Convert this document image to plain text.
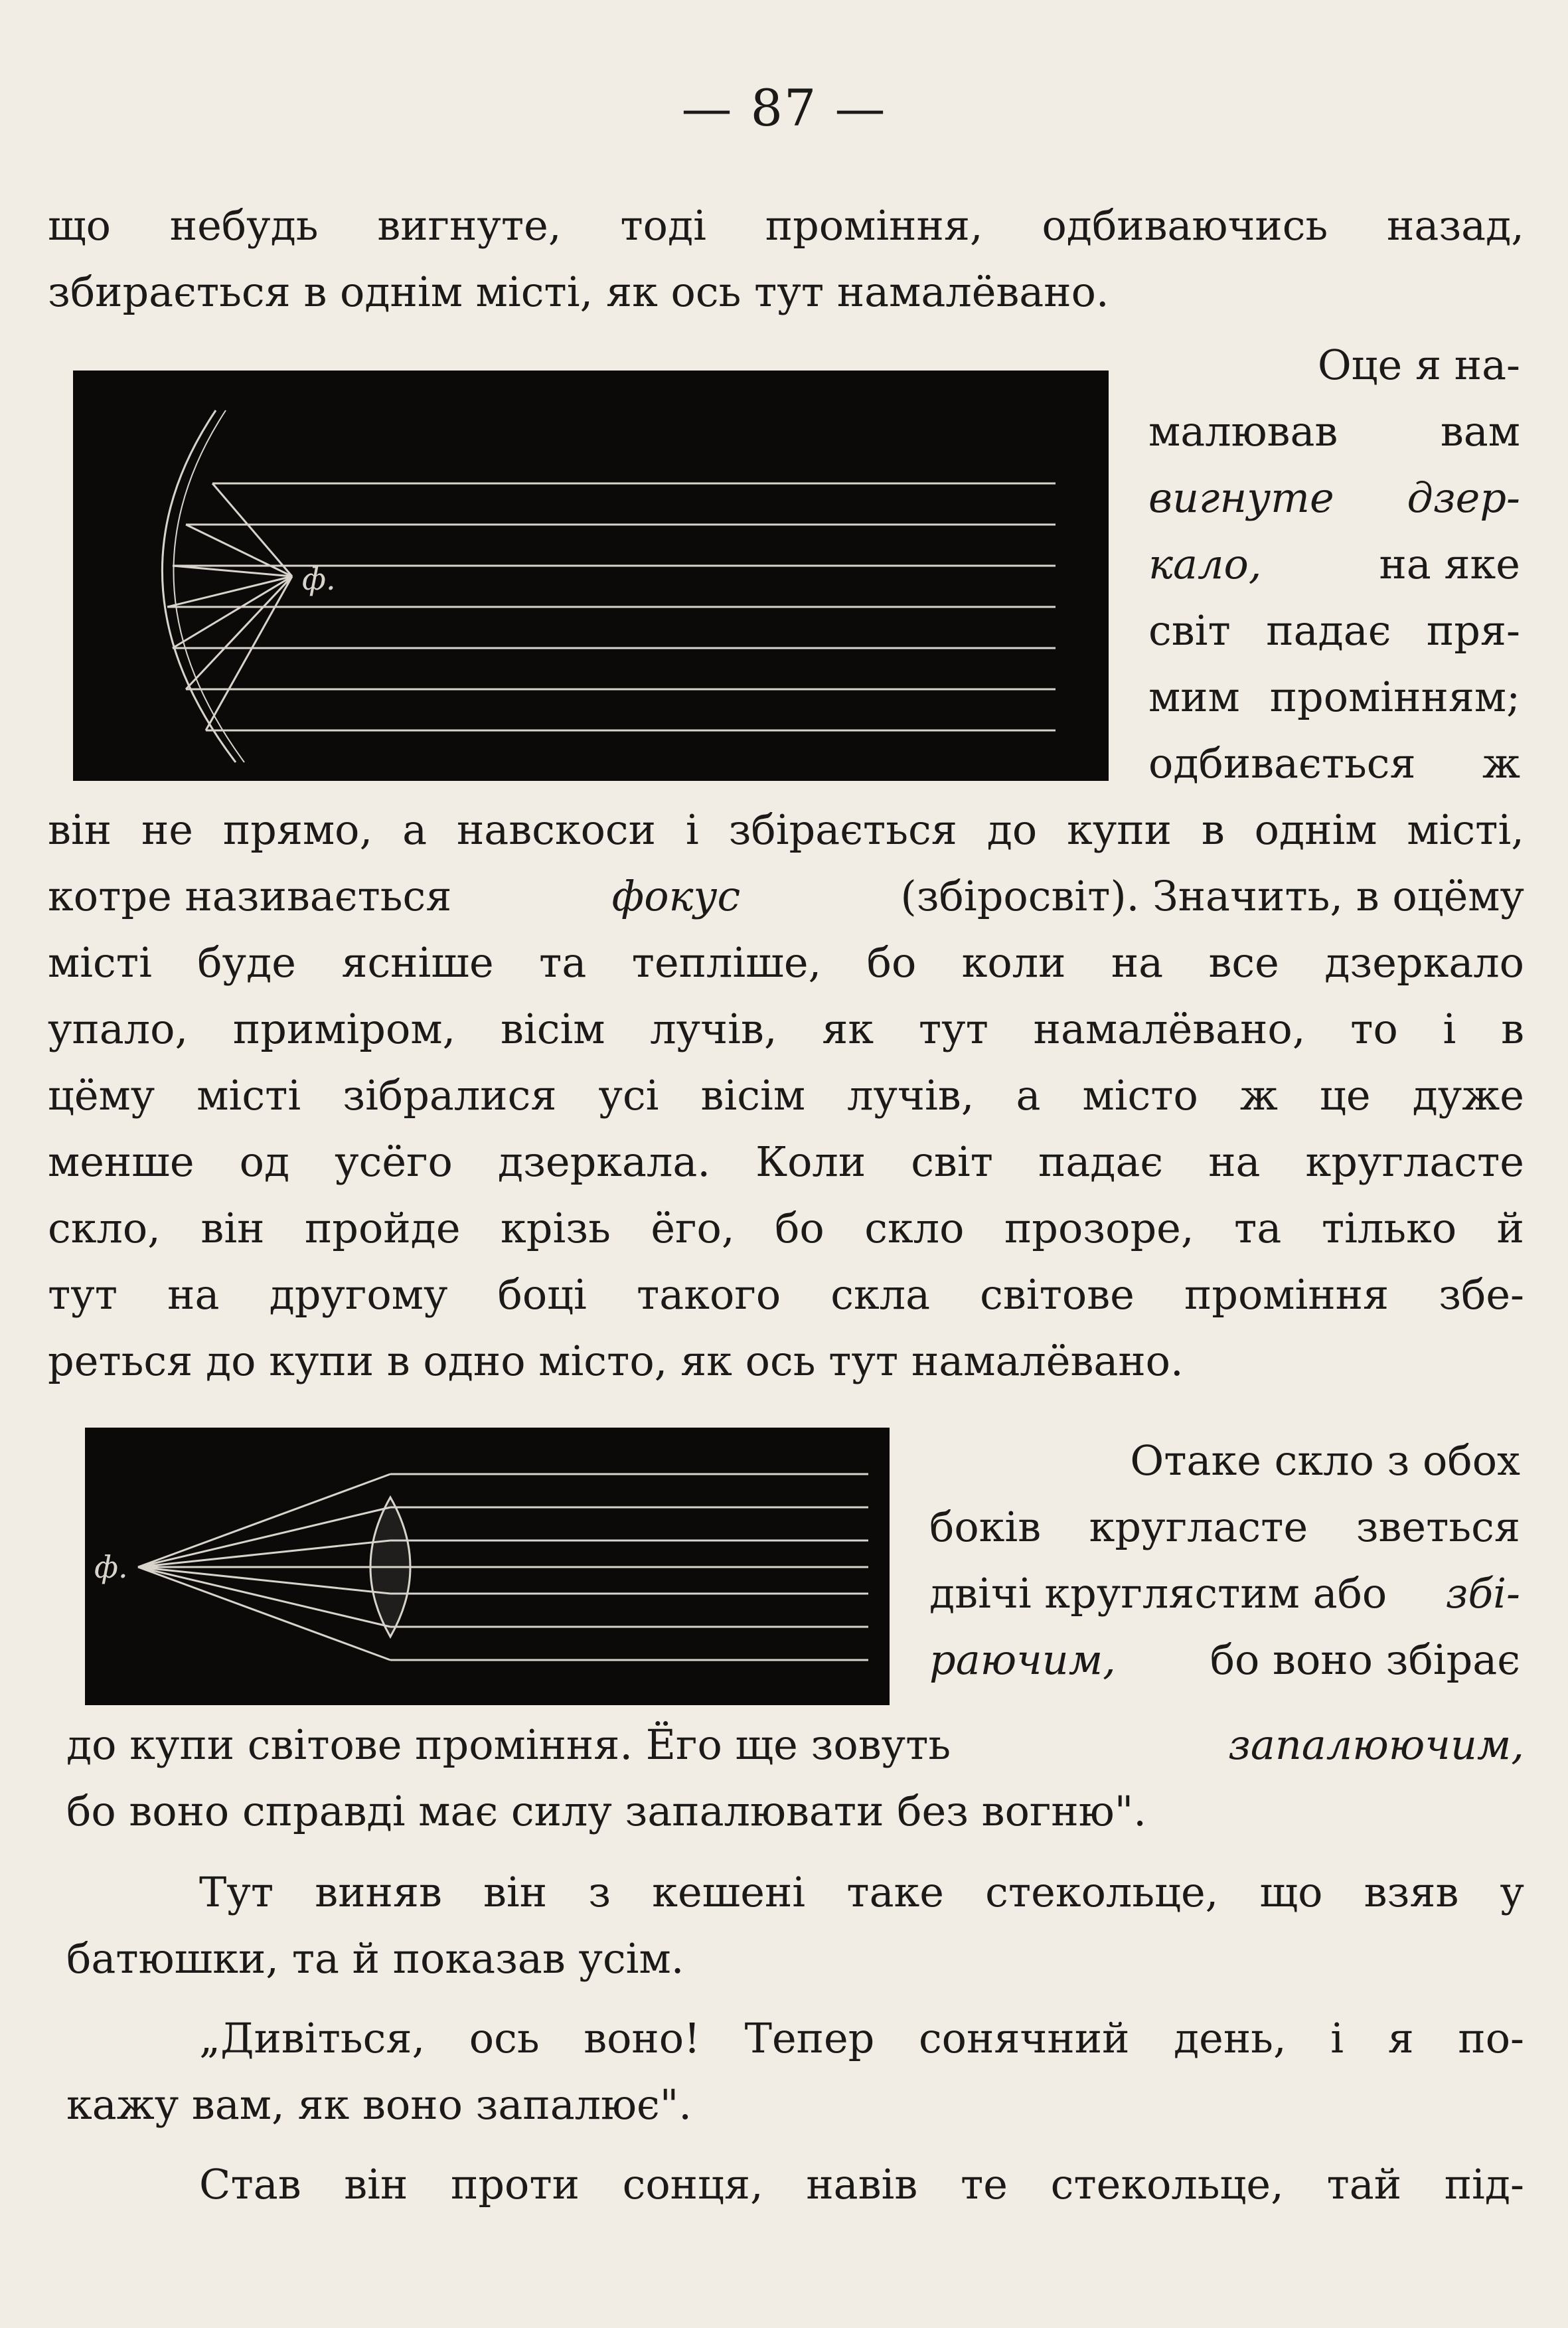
— 87 —
що небудь вигнуте, тоді проміння, одбиваючись назад,
збирається в однім місті, як ось тут намалёвано.
ф.
Оце я на-
малював вам
вигнуте дзер-
кало,	на яке
світ падає пря-
мим промінням;
одбивається ж
він не прямо, а навскоси і збірається до купи в однім місті,
котре називається	фокус	(збіросвіт). Значить, в оцёму
місті буде ясніше та тепліше, бо коли на все дзеркало
упало, приміром, вісім лучів, як тут намалёвано, то і в
цёму місті зібралися усі вісім лучів, а місто ж це дуже
менше од усёго дзеркала. Коли світ падає на кругласте
скло, він пройде крізь ёго, бо скло прозоре, та тілько й
тут на другому боці такого скла світове проміння збе-
реться до купи в одно місто, як ось тут намалёвано.
ф.
Отаке скло з обох
боків кругласте зветься
двічі круглястим або збі-
раючим, бо воно збірає
до купи світове проміння. Ёго ще зовуть	запалюючим,
бо воно справді має силу запалювати без вогню".
Тут виняв він з кешені таке стекольце, що взяв у
батюшки, та й показав усім.
„Дивіться, ось воно! Тепер сонячний день, і я по-
кажу вам, як воно запалює".
Став він проти сонця, навів те стекольце, тай під-
